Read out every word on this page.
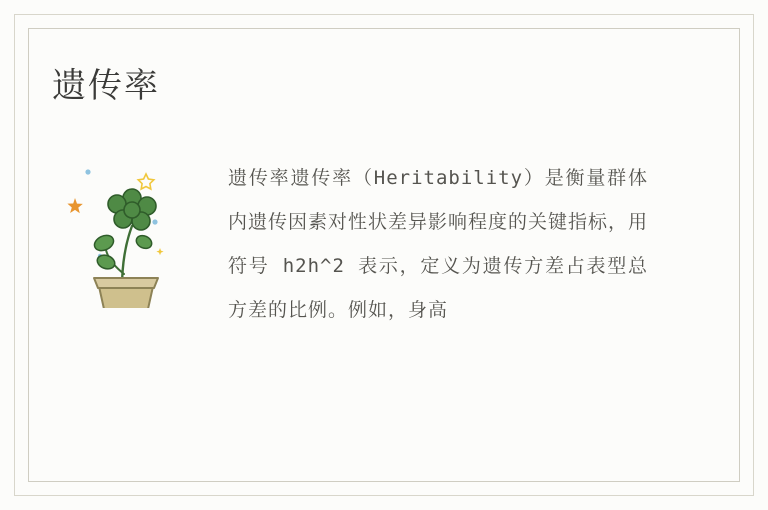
遗传率
遗传率遗传率（Heritability）是衡量群体内遗传因素对性状差异影响程度的关键指标，用符号 h2h^2 表示，定义为遗传方差占表型总方差的比例。例如，身高
